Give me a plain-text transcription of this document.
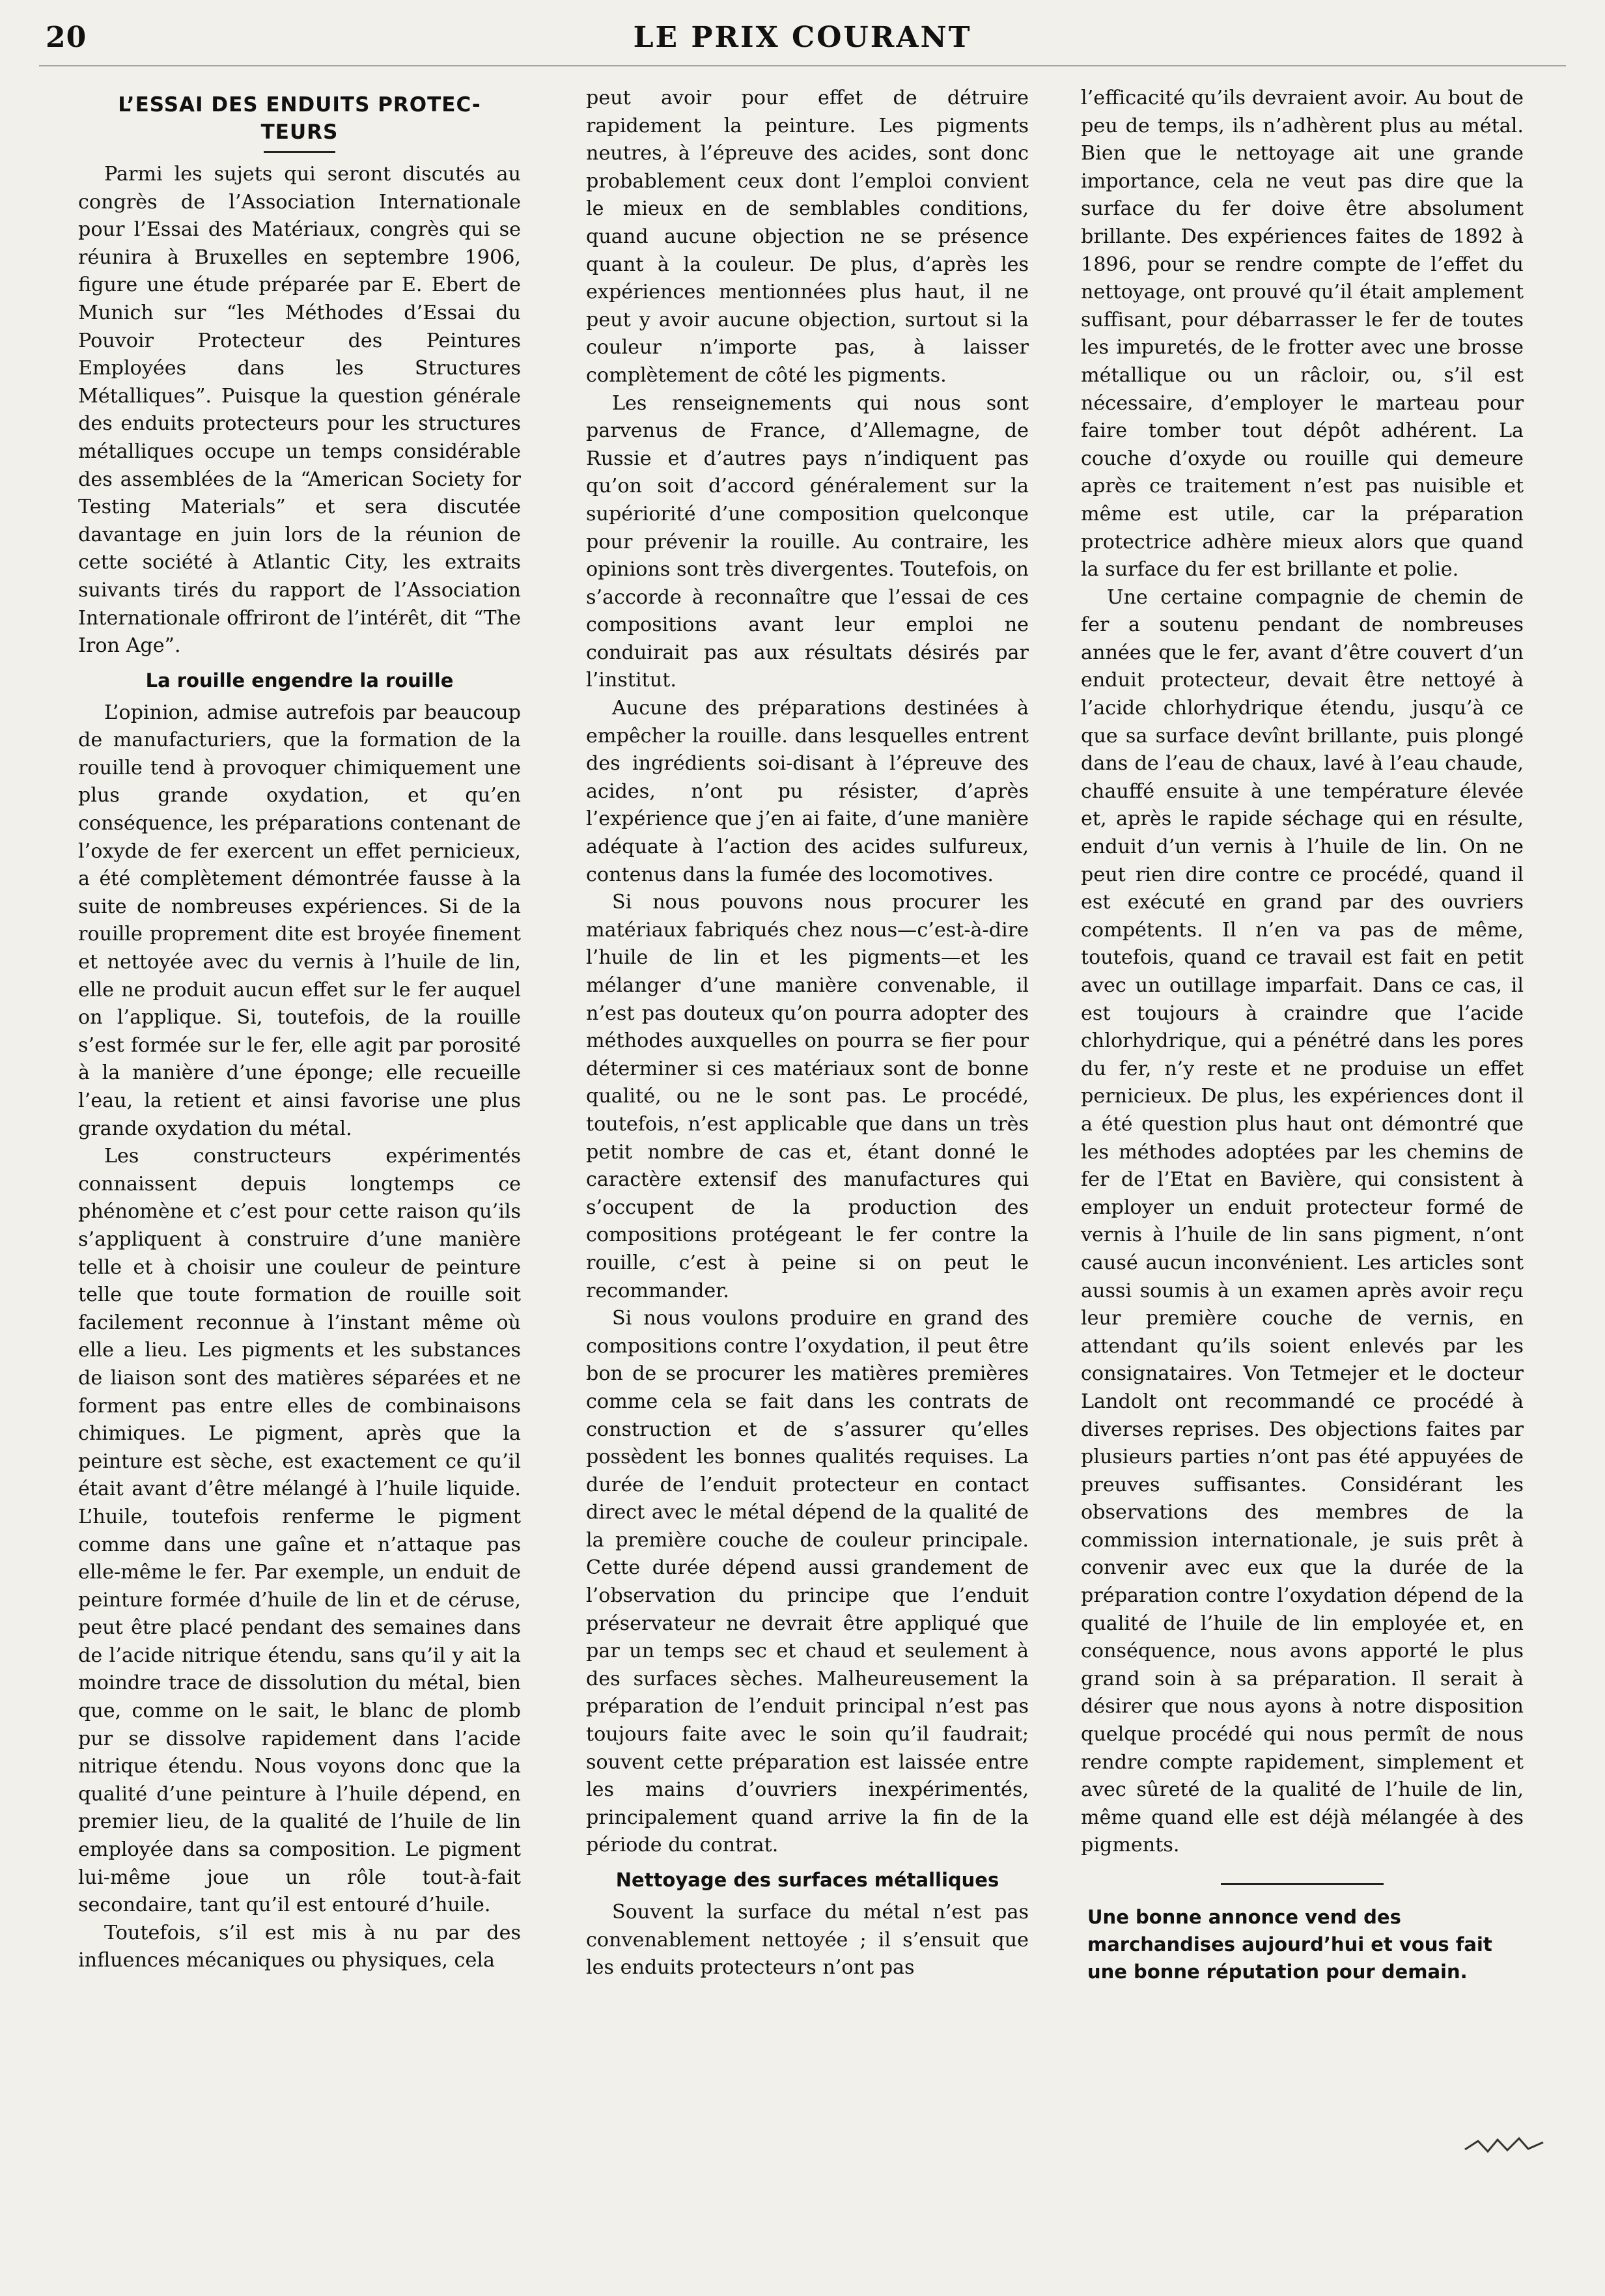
20	LE PRIX COURANT
L’ESSAI DES ENDUITS PROTEC- TEURS

Parmi les sujets qui seront discutés au congrès de l’Association Internationale pour l’Essai des Matériaux, congrès qui se réunira à Bruxelles en septembre 1906, figure une étude préparée par E. Ebert de Munich sur “les Méthodes d’Essai du Pouvoir Protecteur des Peintures Employées dans les Structures Métalliques”. Puisque la question générale des enduits protecteurs pour les structures métalliques occupe un temps considérable des assemblées de la “American Society for Testing Materials” et sera discutée davantage en juin lors de la réunion de cette société à Atlantic City, les extraits suivants tirés du rapport de l’Association Internationale offriront de l’intérêt, dit “The Iron Age”.

La rouille engendre la rouille

L’opinion, admise autrefois par beaucoup de manufacturiers, que la formation de la rouille tend à provoquer chimiquement une plus grande oxydation, et qu’en conséquence, les préparations contenant de l’oxyde de fer exercent un effet pernicieux, a été complètement démontrée fausse à la suite de nombreuses expériences. Si de la rouille proprement dite est broyée finement et nettoyée avec du vernis à l’huile de lin, elle ne produit aucun effet sur le fer auquel on l’applique. Si, toutefois, de la rouille s’est formée sur le fer, elle agit par porosité à la manière d’une éponge; elle recueille l’eau, la retient et ainsi favorise une plus grande oxydation du métal.

Les constructeurs expérimentés connaissent depuis longtemps ce phénomène et c’est pour cette raison qu’ils s’appliquent à construire d’une manière telle et à choisir une couleur de peinture telle que toute formation de rouille soit facilement reconnue à l’instant même où elle a lieu. Les pigments et les substances de liaison sont des matières séparées et ne forment pas entre elles de combinaisons chimiques. Le pigment, après que la peinture est sèche, est exactement ce qu’il était avant d’être mélangé à l’huile liquide. L’huile, toutefois renferme le pigment comme dans une gaîne et n’attaque pas elle-même le fer. Par exemple, un enduit de peinture formée d’huile de lin et de céruse, peut être placé pendant des semaines dans de l’acide nitrique étendu, sans qu’il y ait la moindre trace de dissolution du métal, bien que, comme on le sait, le blanc de plomb pur se dissolve rapidement dans l’acide nitrique étendu. Nous voyons donc que la qualité d’une peinture à l’huile dépend, en premier lieu, de la qualité de l’huile de lin employée dans sa composition. Le pigment lui-même joue un rôle tout-à-fait secondaire, tant qu’il est entouré d’huile.

Toutefois, s’il est mis à nu par des influences mécaniques ou physiques, cela

peut avoir pour effet de détruire rapidement la peinture. Les pigments neutres, à l’épreuve des acides, sont donc probablement ceux dont l’emploi convient le mieux en de semblables conditions, quand aucune objection ne se présence quant à la couleur. De plus, d’après les expériences mentionnées plus haut, il ne peut y avoir aucune objection, surtout si la couleur n’importe pas, à laisser complètement de côté les pigments.

Les renseignements qui nous sont parvenus de France, d’Allemagne, de Russie et d’autres pays n’indiquent pas qu’on soit d’accord généralement sur la supériorité d’une composition quelconque pour prévenir la rouille. Au contraire, les opinions sont très divergentes. Toutefois, on s’accorde à reconnaître que l’essai de ces compositions avant leur emploi ne conduirait pas aux résultats désirés par l’institut.

Aucune des préparations destinées à empêcher la rouille. dans lesquelles entrent des ingrédients soi-disant à l’épreuve des acides, n’ont pu résister, d’après l’expérience que j’en ai faite, d’une manière adéquate à l’action des acides sulfureux, contenus dans la fumée des locomotives.

Si nous pouvons nous procurer les matériaux fabriqués chez nous—c’est-à-dire l’huile de lin et les pigments—et les mélanger d’une manière convenable, il n’est pas douteux qu’on pourra adopter des méthodes auxquelles on pourra se fier pour déterminer si ces matériaux sont de bonne qualité, ou ne le sont pas. Le procédé, toutefois, n’est applicable que dans un très petit nombre de cas et, étant donné le caractère extensif des manufactures qui s’occupent de la production des compositions protégeant le fer contre la rouille, c’est à peine si on peut le recommander.

Si nous voulons produire en grand des compositions contre l’oxydation, il peut être bon de se procurer les matières premières comme cela se fait dans les contrats de construction et de s’assurer qu’elles possèdent les bonnes qualités requises. La durée de l’enduit protecteur en contact direct avec le métal dépend de la qualité de la première couche de couleur principale. Cette durée dépend aussi grandement de l’observation du principe que l’enduit préservateur ne devrait être appliqué que par un temps sec et chaud et seulement à des surfaces sèches. Malheureusement la préparation de l’enduit principal n’est pas toujours faite avec le soin qu’il faudrait; souvent cette préparation est laissée entre les mains d’ouvriers inexpérimentés, principalement quand arrive la fin de la période du contrat.

Nettoyage des surfaces métalliques

Souvent la surface du métal n’est pas convenablement nettoyée ; il s’ensuit que les enduits protecteurs n’ont pas

l’efficacité qu’ils devraient avoir. Au bout de peu de temps, ils n’adhèrent plus au métal. Bien que le nettoyage ait une grande importance, cela ne veut pas dire que la surface du fer doive être absolument brillante. Des expériences faites de 1892 à 1896, pour se rendre compte de l’effet du nettoyage, ont prouvé qu’il était amplement suffisant, pour débarrasser le fer de toutes les impuretés, de le frotter avec une brosse métallique ou un râcloir, ou, s’il est nécessaire, d’employer le marteau pour faire tomber tout dépôt adhérent. La couche d’oxyde ou rouille qui demeure après ce traitement n’est pas nuisible et même est utile, car la préparation protectrice adhère mieux alors que quand la surface du fer est brillante et polie.

Une certaine compagnie de chemin de fer a soutenu pendant de nombreuses années que le fer, avant d’être couvert d’un enduit protecteur, devait être nettoyé à l’acide chlorhydrique étendu, jusqu’à ce que sa surface devînt brillante, puis plongé dans de l’eau de chaux, lavé à l’eau chaude, chauffé ensuite à une température élevée et, après le rapide séchage qui en résulte, enduit d’un vernis à l’huile de lin. On ne peut rien dire contre ce procédé, quand il est exécuté en grand par des ouvriers compétents. Il n’en va pas de même, toutefois, quand ce travail est fait en petit avec un outillage imparfait. Dans ce cas, il est toujours à craindre que l’acide chlorhydrique, qui a pénétré dans les pores du fer, n’y reste et ne produise un effet pernicieux. De plus, les expériences dont il a été question plus haut ont démontré que les méthodes adoptées par les chemins de fer de l’Etat en Bavière, qui consistent à employer un enduit protecteur formé de vernis à l’huile de lin sans pigment, n’ont causé aucun inconvénient. Les articles sont aussi soumis à un examen après avoir reçu leur première couche de vernis, en attendant qu’ils soient enlevés par les consignataires. Von Tetmejer et le docteur Landolt ont recommandé ce procédé à diverses reprises. Des objections faites par plusieurs parties n’ont pas été appuyées de preuves suffisantes. Considérant les observations des membres de la commission internationale, je suis prêt à convenir avec eux que la durée de la préparation contre l’oxydation dépend de la qualité de l’huile de lin employée et, en conséquence, nous avons apporté le plus grand soin à sa préparation. Il serait à désirer que nous ayons à notre disposition quelque procédé qui nous permît de nous rendre compte rapidement, simplement et avec sûreté de la qualité de l’huile de lin, même quand elle est déjà mélangée à des pigments.

Une bonne annonce vend des marchandises aujourd’hui et vous fait une bonne réputation pour demain.
